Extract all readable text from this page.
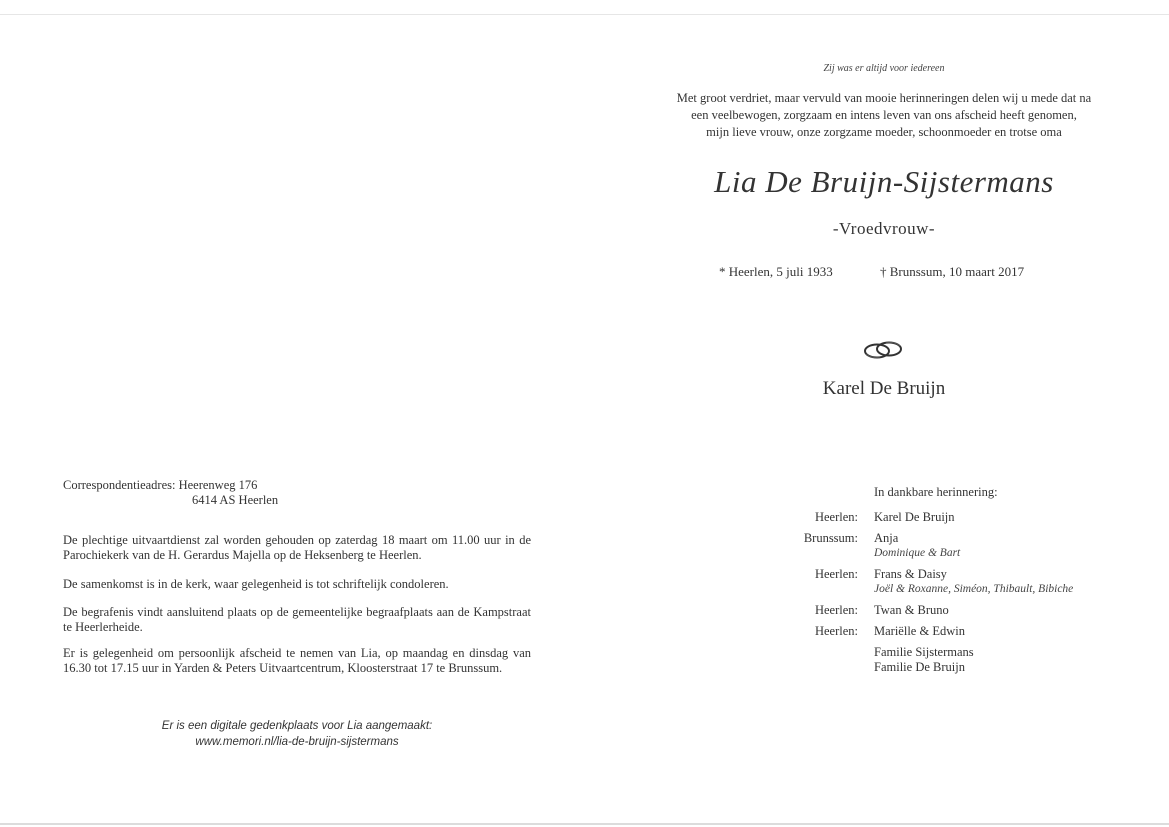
Zij was er altijd voor iedereen
Met groot verdriet, maar vervuld van mooie herinneringen delen wij u mede dat na
een veelbewogen, zorgzaam en intens leven van ons afscheid heeft genomen,
mijn lieve vrouw, onze zorgzame moeder, schoonmoeder en trotse oma
Lia De Bruijn-Sijstermans
-Vroedvrouw-
* Heerlen, 5 juli 1933	† Brunssum, 10 maart 2017
Karel De Bruijn
In dankbare herinnering:
Heerlen:	Karel De Bruijn
Brunssum:	Anja
Dominique & Bart
Heerlen:	Frans & Daisy
Joël & Roxanne, Siméon, Thibault, Bibiche
Heerlen:	Twan & Bruno
Heerlen:	Mariëlle & Edwin
Familie Sijstermans
Familie De Bruijn
Correspondentieadres: Heerenweg 176
6414 AS Heerlen
De plechtige uitvaartdienst zal worden gehouden op zaterdag 18 maart om 11.00 uur in de Parochiekerk van de H. Gerardus Majella op de Heksenberg te Heerlen.
De samenkomst is in de kerk, waar gelegenheid is tot schriftelijk condoleren.
De begrafenis vindt aansluitend plaats op de gemeentelijke begraafplaats aan de Kampstraat te Heerlerheide.
Er is gelegenheid om persoonlijk afscheid te nemen van Lia, op maandag en dinsdag van 16.30 tot 17.15 uur in Yarden & Peters Uitvaartcentrum, Kloosterstraat 17 te Brunssum.
Er is een digitale gedenkplaats voor Lia aangemaakt:
www.memori.nl/lia-de-bruijn-sijstermans
